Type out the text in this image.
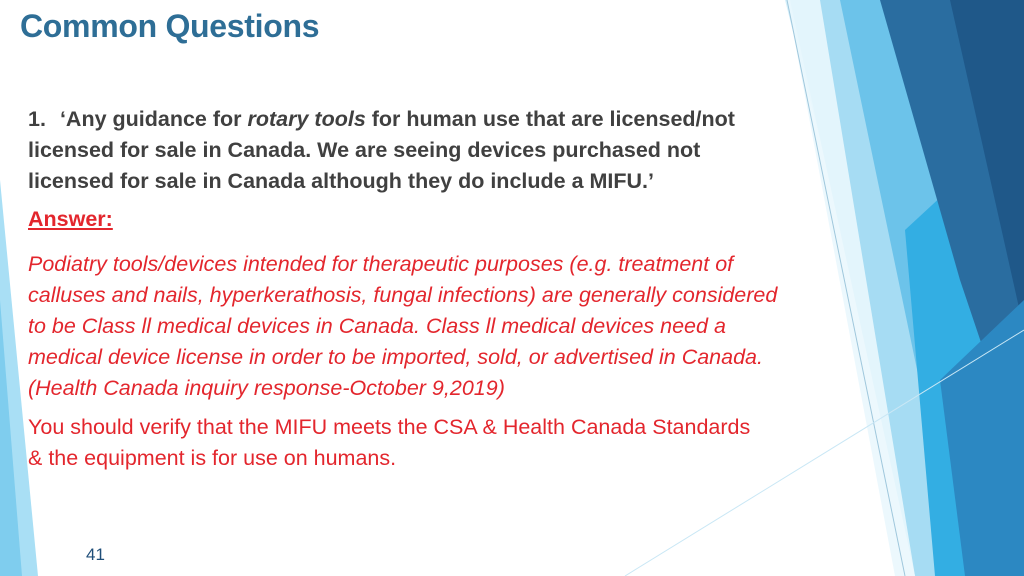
Common Questions
1. ‘Any guidance for rotary tools for human use that are licensed/not licensed for sale in Canada. We are seeing devices purchased not licensed for sale in Canada although they do include a MIFU.’
Answer:
Podiatry tools/devices intended for therapeutic purposes (e.g. treatment of calluses and nails, hyperkerathosis, fungal infections) are generally considered to be Class ll medical devices in Canada. Class ll medical devices need a medical device license in order to be imported, sold, or advertised in Canada. (Health Canada inquiry response-October 9,2019)
You should verify that the MIFU meets the CSA & Health Canada Standards & the equipment is for use on humans.
41
